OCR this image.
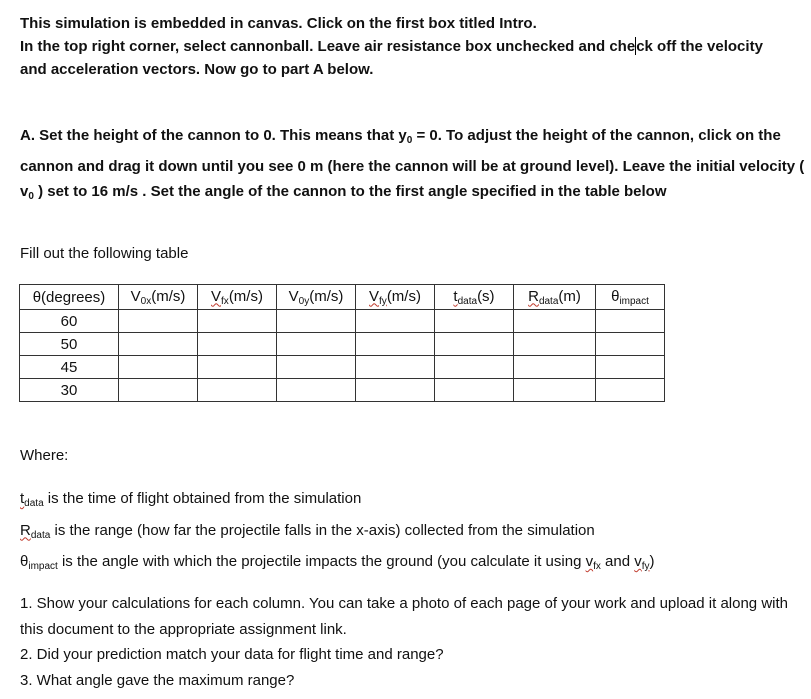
This simulation is embedded in canvas. Click on the first box titled Intro.
In the top right corner, select cannonball. Leave air resistance box unchecked and check off the velocity and acceleration vectors. Now go to part A below.

A. Set the height of the cannon to 0. This means that $y_0 = 0$. To adjust the height of the cannon, click on the cannon and drag it down until you see 0 m (here the cannon will be at ground level). Leave the initial velocity ( $v_0$ ) set to 16 m/s . Set the angle of the cannon to the first angle specified in the table below

Fill out the following table

θ(degrees)	$V_{0x}(m/s)$	$V_{fx}(m/s)$	$V_{0y}(m/s)$	$V_{fy}(m/s)$	$t_{data}(s)$	$R_{data}(m)$	$\theta_{impact}$
60							
50							
45							
30							

Where:

$t_{data}$ is the time of flight obtained from the simulation
$R_{data}$ is the range (how far the projectile falls in the x-axis) collected from the simulation
$\theta_{impact}$ is the angle with which the projectile impacts the ground (you calculate it using $v_{fx}$ and $v_{fy}$)

1. Show your calculations for each column. You can take a photo of each page of your work and upload it along with this document to the appropriate assignment link.
2. Did your prediction match your data for flight time and range?
3. What angle gave the maximum range?
